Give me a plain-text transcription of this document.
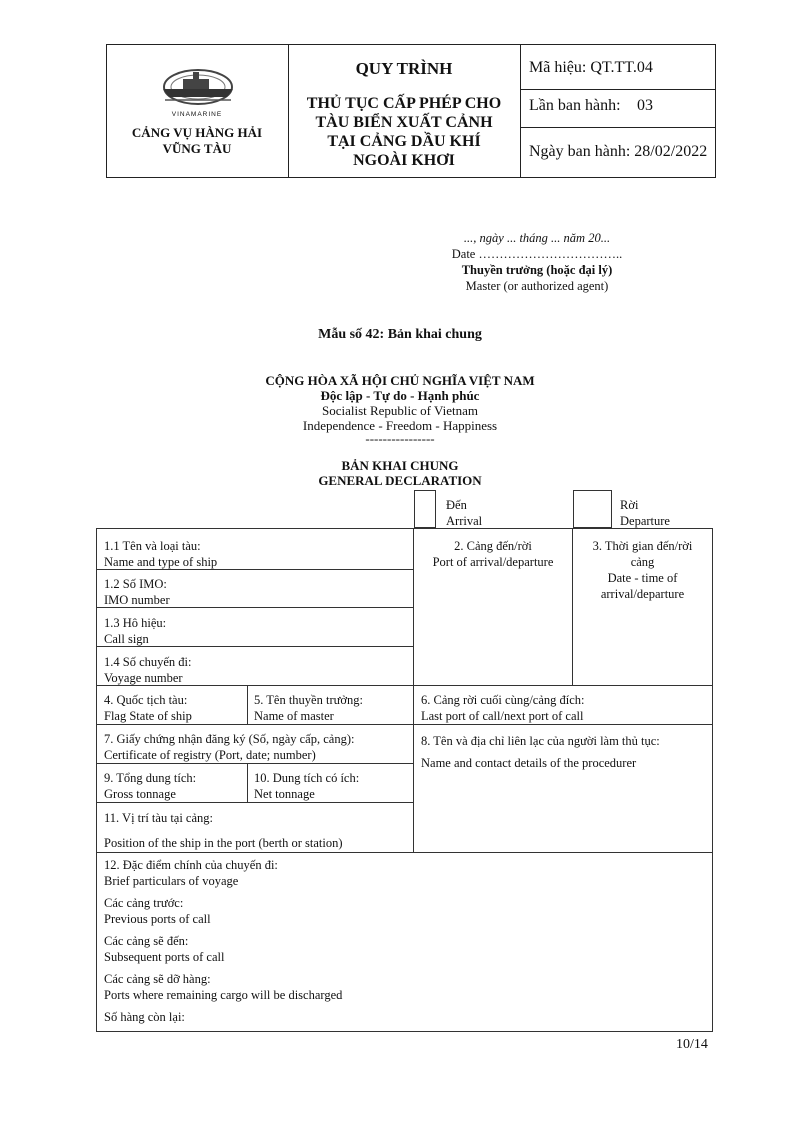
VINAMARINE
CẢNG VỤ HÀNG HẢI
VŨNG TÀU
QUY TRÌNH
THỦ TỤC CẤP PHÉP CHO
TÀU BIỂN XUẤT CẢNH
TẠI CẢNG DẦU KHÍ
NGOÀI KHƠI
Mã hiệu: QT.TT.04
Lần ban hành: 03
Ngày ban hành: 28/02/2022
..., ngày ... tháng ... năm 20...
Date ……………………………..
Thuyền trưởng (hoặc đại lý)
Master (or authorized agent)
Mẫu số 42: Bản khai chung
CỘNG HÒA XÃ HỘI CHỦ NGHĨA VIỆT NAM
Độc lập - Tự do - Hạnh phúc
Socialist Republic of Vietnam
Independence - Freedom - Happiness
----------------
BẢN KHAI CHUNG
GENERAL DECLARATION
Đến
Arrival
Rời
Departure
1.1 Tên và loại tàu:
Name and type of ship
1.2 Số IMO:
IMO number
1.3 Hô hiệu:
Call sign
1.4 Số chuyến đi:
Voyage number
2. Cảng đến/rời
Port of arrival/departure
3. Thời gian đến/rời
cảng
Date - time of
arrival/departure
4. Quốc tịch tàu:
Flag State of ship
5. Tên thuyền trưởng:
Name of master
6. Cảng rời cuối cùng/cảng đích:
Last port of call/next port of call
7. Giấy chứng nhận đăng ký (Số, ngày cấp, cảng):
Certificate of registry (Port, date; number)
8. Tên và địa chỉ liên lạc của người làm thủ tục:
Name and contact details of the procedurer
9. Tổng dung tích:
Gross tonnage
10. Dung tích có ích:
Net tonnage
11. Vị trí tàu tại cảng:
Position of the ship in the port (berth or station)
12. Đặc điểm chính của chuyến đi:
Brief particulars of voyage
Các cảng trước:
Previous ports of call
Các cảng sẽ đến:
Subsequent ports of call
Các cảng sẽ dỡ hàng:
Ports where remaining cargo will be discharged
Số hàng còn lại:
10/14
